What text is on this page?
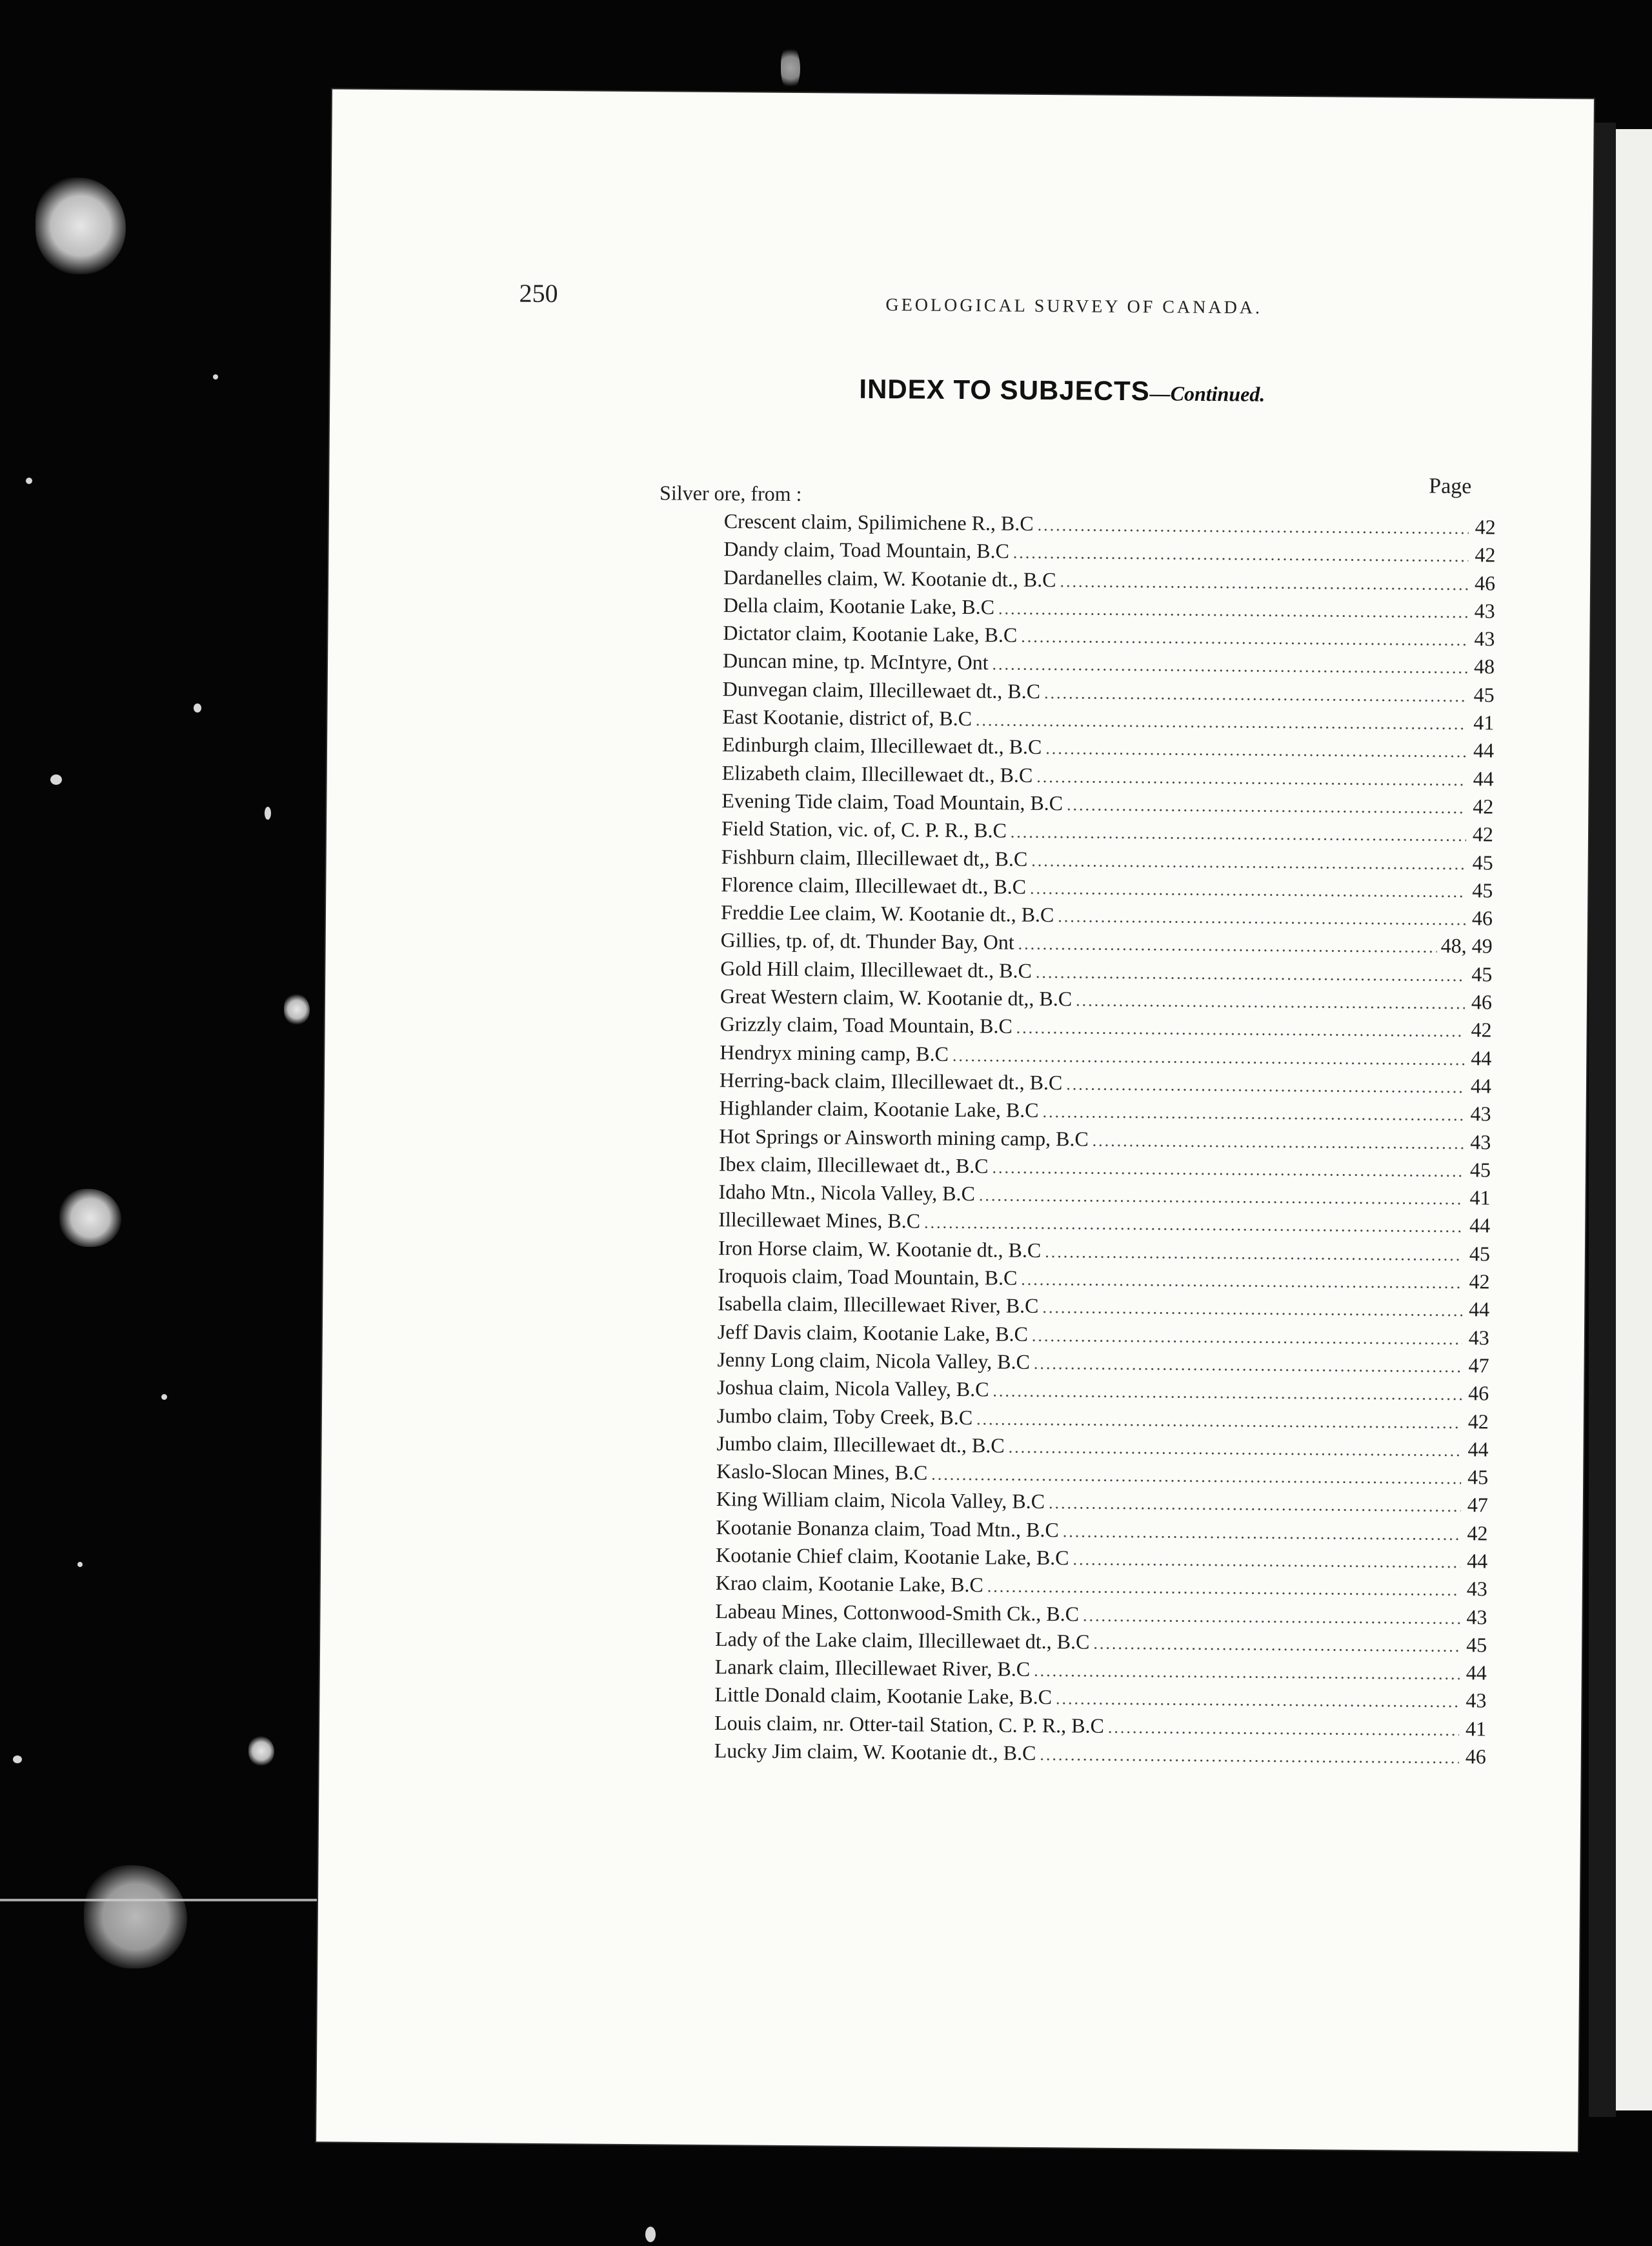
250	GEOLOGICAL SURVEY OF CANADA.
INDEX TO SUBJECTS—Continued.
Page
Silver ore, from :
Crescent claim, Spilimichene R., B.C .....	42
Dandy claim, Toad Mountain, B.C .....	42
Dardanelles claim, W. Kootanie dt., B.C .....	46
Della claim, Kootanie Lake, B.C .....	43
Dictator claim, Kootanie Lake, B.C .....	43
Duncan mine, tp. McIntyre, Ont .....	48
Dunvegan claim, Illecillewaet dt., B.C .....	45
East Kootanie, district of, B.C .....	41
Edinburgh claim, Illecillewaet dt., B.C .....	44
Elizabeth claim, Illecillewaet dt., B.C .....	44
Evening Tide claim, Toad Mountain, B.C .....	42
Field Station, vic. of, C. P. R., B.C .....	42
Fishburn claim, Illecillewaet dt,, B.C .....	45
Florence claim, Illecillewaet dt., B.C .....	45
Freddie Lee claim, W. Kootanie dt., B.C .....	46
Gillies, tp. of, dt. Thunder Bay, Ont .....	48, 49
Gold Hill claim, Illecillewaet dt., B.C .....	45
Great Western claim, W. Kootanie dt,, B.C .....	46
Grizzly claim, Toad Mountain, B.C .....	42
Hendryx mining camp, B.C .....	44
Herring-back claim, Illecillewaet dt., B.C .....	44
Highlander claim, Kootanie Lake, B.C .....	43
Hot Springs or Ainsworth mining camp, B.C .....	43
Ibex claim, Illecillewaet dt., B.C .....	45
Idaho Mtn., Nicola Valley, B.C .....	41
Illecillewaet Mines, B.C .....	44
Iron Horse claim, W. Kootanie dt., B.C .....	45
Iroquois claim, Toad Mountain, B.C .....	42
Isabella claim, Illecillewaet River, B.C .....	44
Jeff Davis claim, Kootanie Lake, B.C .....	43
Jenny Long claim, Nicola Valley, B.C .....	47
Joshua claim, Nicola Valley, B.C .....	46
Jumbo claim, Toby Creek, B.C .....	42
Jumbo claim, Illecillewaet dt., B.C .....	44
Kaslo-Slocan Mines, B.C .....	45
King William claim, Nicola Valley, B.C .....	47
Kootanie Bonanza claim, Toad Mtn., B.C .....	42
Kootanie Chief claim, Kootanie Lake, B.C .....	44
Krao claim, Kootanie Lake, B.C .....	43
Labeau Mines, Cottonwood-Smith Ck., B.C .....	43
Lady of the Lake claim, Illecillewaet dt., B.C .....	45
Lanark claim, Illecillewaet River, B.C .....	44
Little Donald claim, Kootanie Lake, B.C .....	43
Louis claim, nr. Otter-tail Station, C. P. R., B.C .....	41
Lucky Jim claim, W. Kootanie dt., B.C .....	46
